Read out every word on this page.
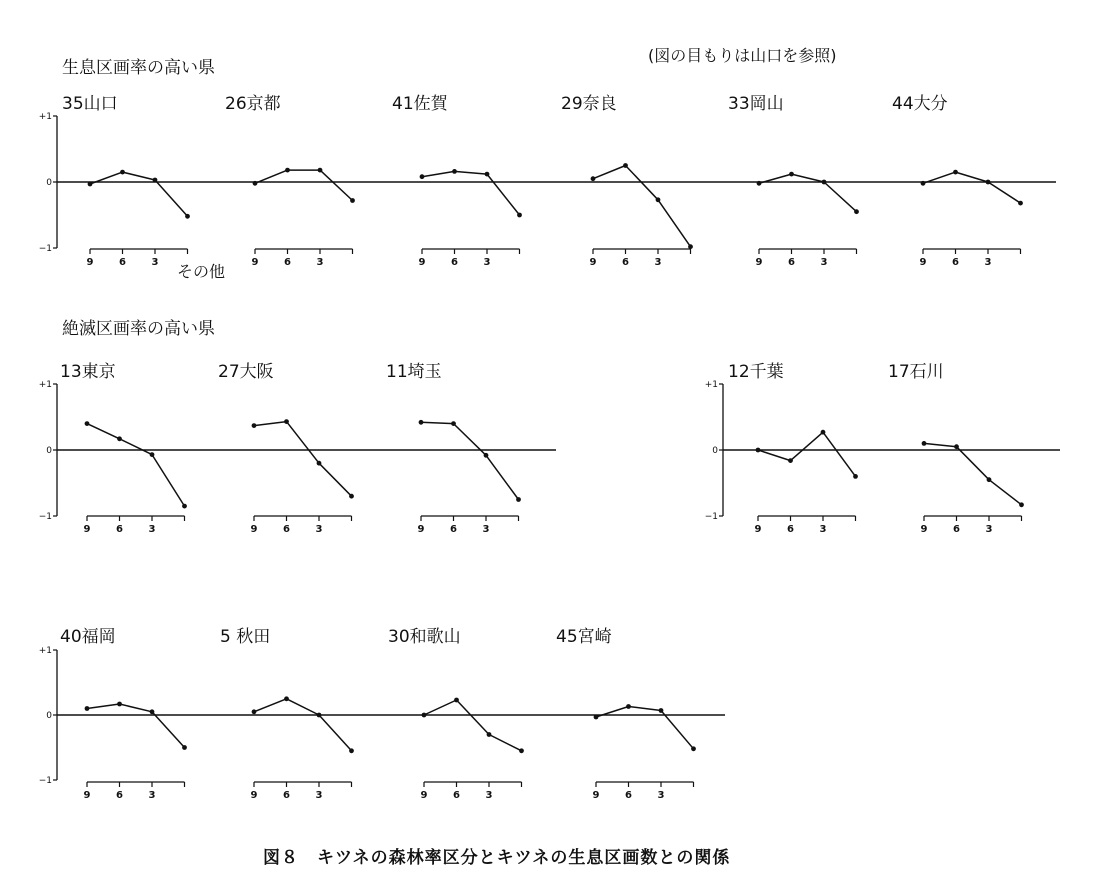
(図の目もりは山口を参照)
生息区画率の高い県
絶滅区画率の高い県
その他
図８　キツネの森林率区分とキツネの生息区画数との関係
+1
0
−1
+1
0
−1
+1
0
−1
+1
0
−1
35山口
9	6	3
26京都
9	6	3
41佐賀
9	6	3
29奈良
9	6	3
33岡山
9	6	3
44大分
9	6	3
13東京
9	6	3
27大阪
9	6	3
11埼玉
9	6	3
12千葉
9	6	3
17石川
9	6	3
40福岡
9	6	3
5 秋田
9	6	3
30和歌山
9	6	3
45宮崎
9	6	3
